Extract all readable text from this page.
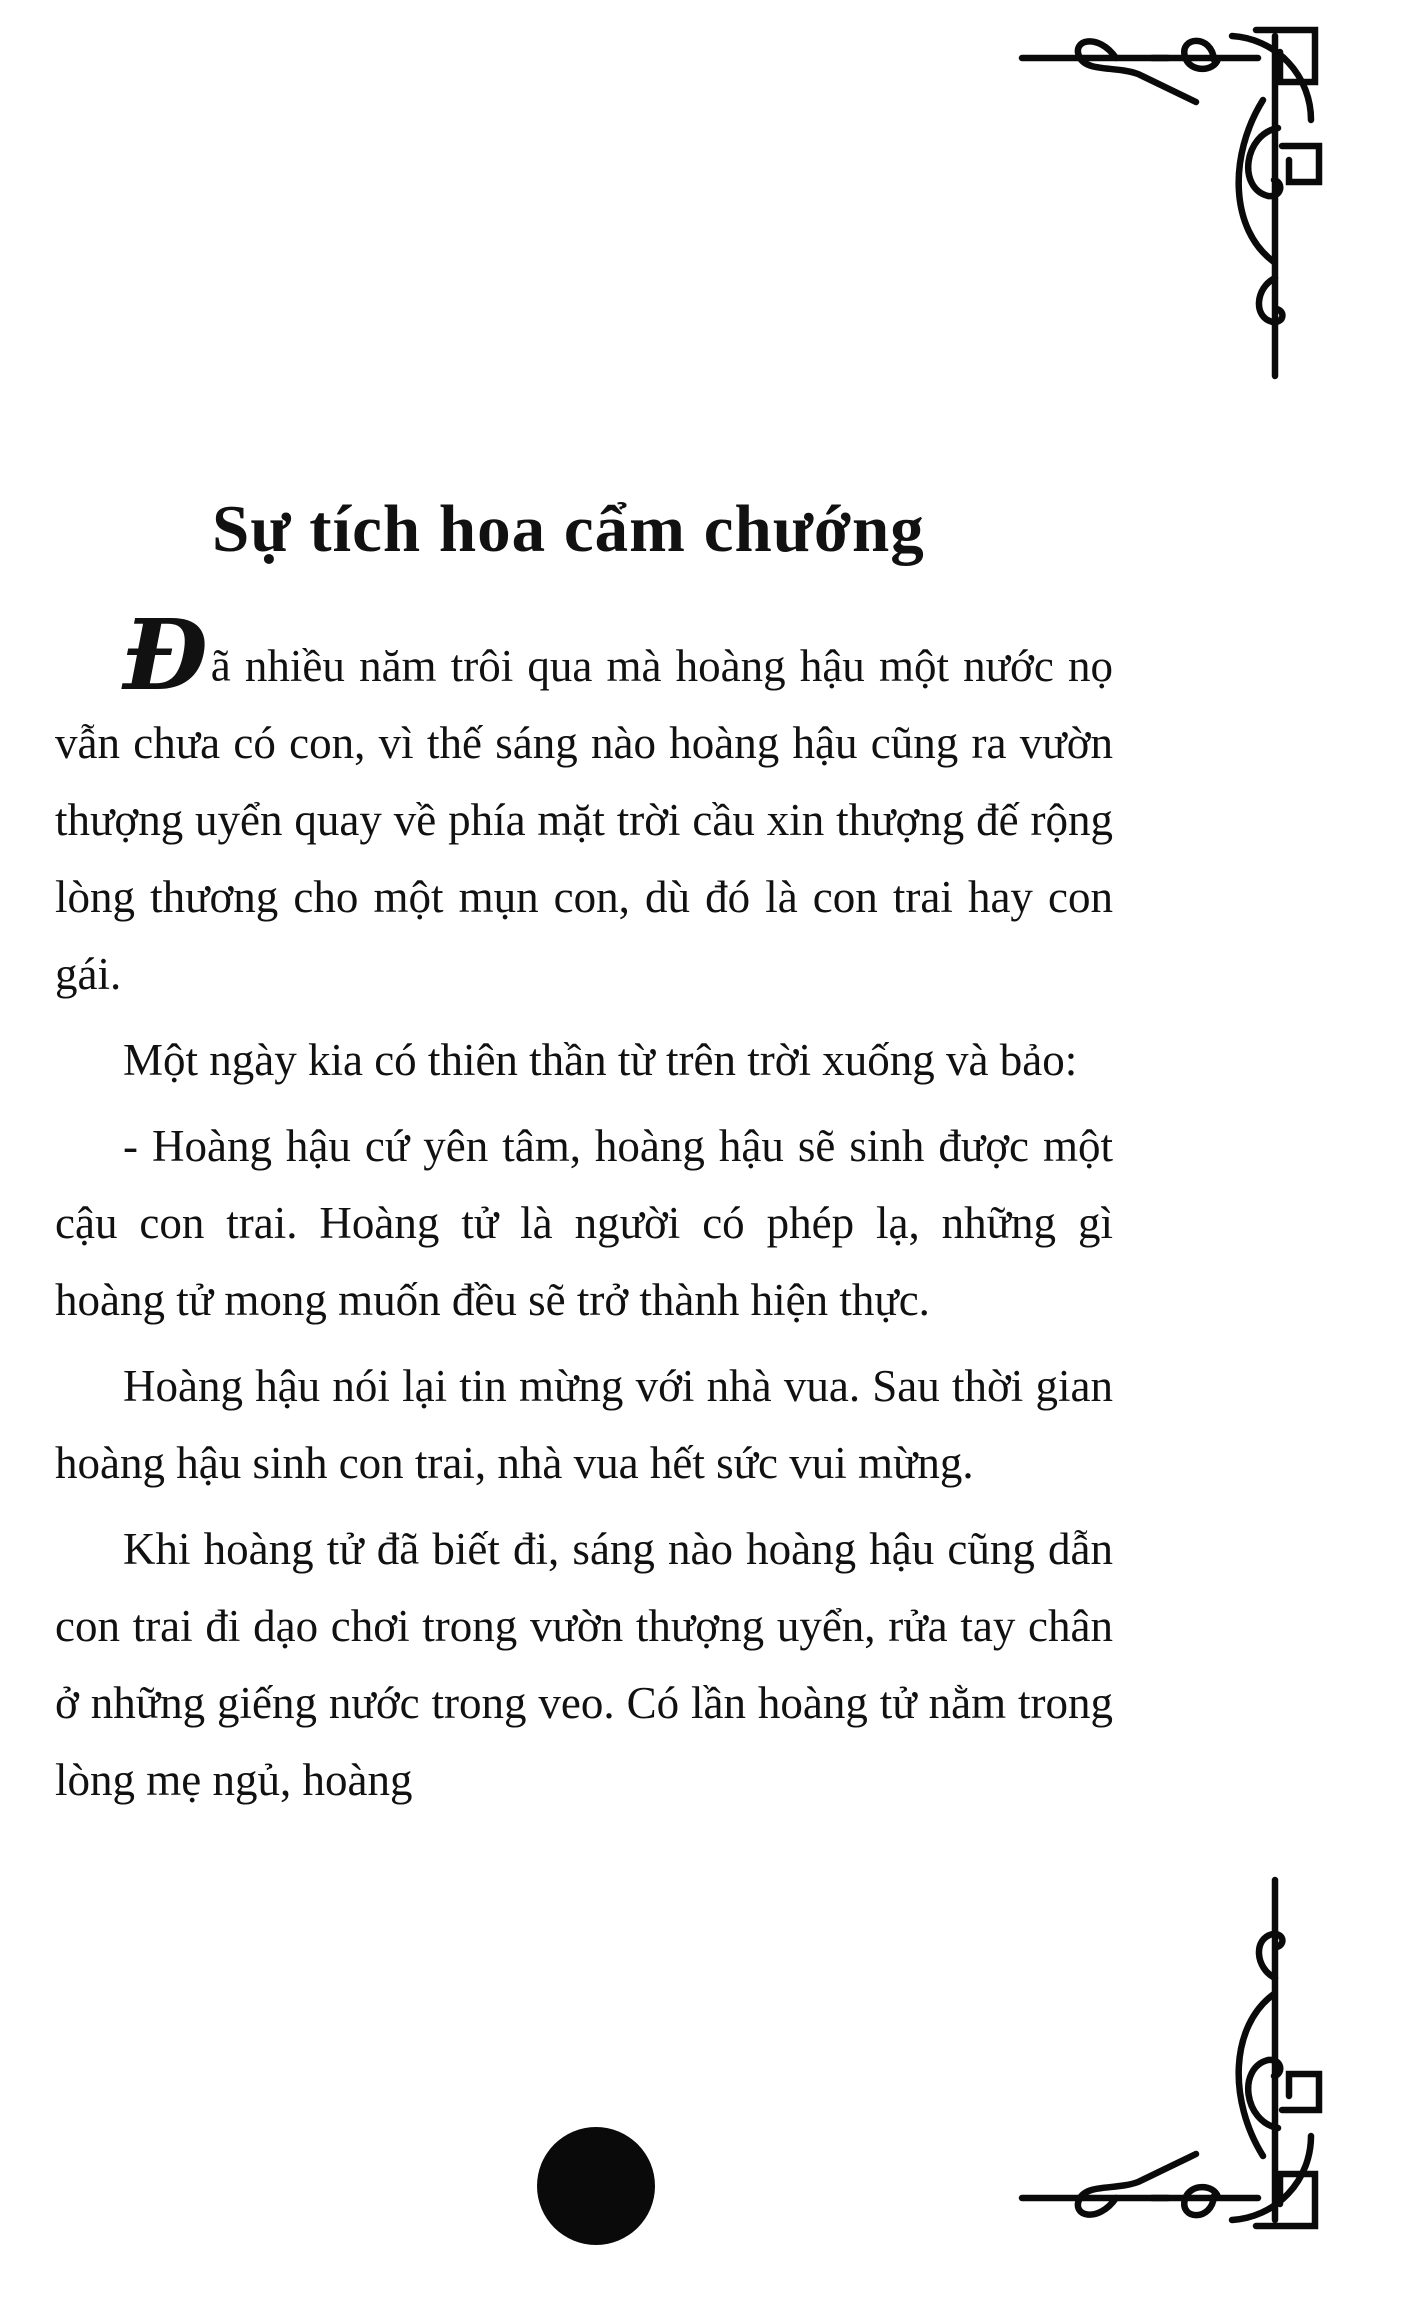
Sự tích hoa cẩm chướng

Đã nhiều năm trôi qua mà hoàng hậu một nước nọ vẫn chưa có con, vì thế sáng nào hoàng hậu cũng ra vườn thượng uyển quay về phía mặt trời cầu xin thượng đế rộng lòng thương cho một mụn con, dù đó là con trai hay con gái.

Một ngày kia có thiên thần từ trên trời xuống và bảo:

- Hoàng hậu cứ yên tâm, hoàng hậu sẽ sinh được một cậu con trai. Hoàng tử là người có phép lạ, những gì hoàng tử mong muốn đều sẽ trở thành hiện thực.

Hoàng hậu nói lại tin mừng với nhà vua. Sau thời gian hoàng hậu sinh con trai, nhà vua hết sức vui mừng.

Khi hoàng tử đã biết đi, sáng nào hoàng hậu cũng dẫn con trai đi dạo chơi trong vườn thượng uyển, rửa tay chân ở những giếng nước trong veo. Có lần hoàng tử nằm trong lòng mẹ ngủ, hoàng
